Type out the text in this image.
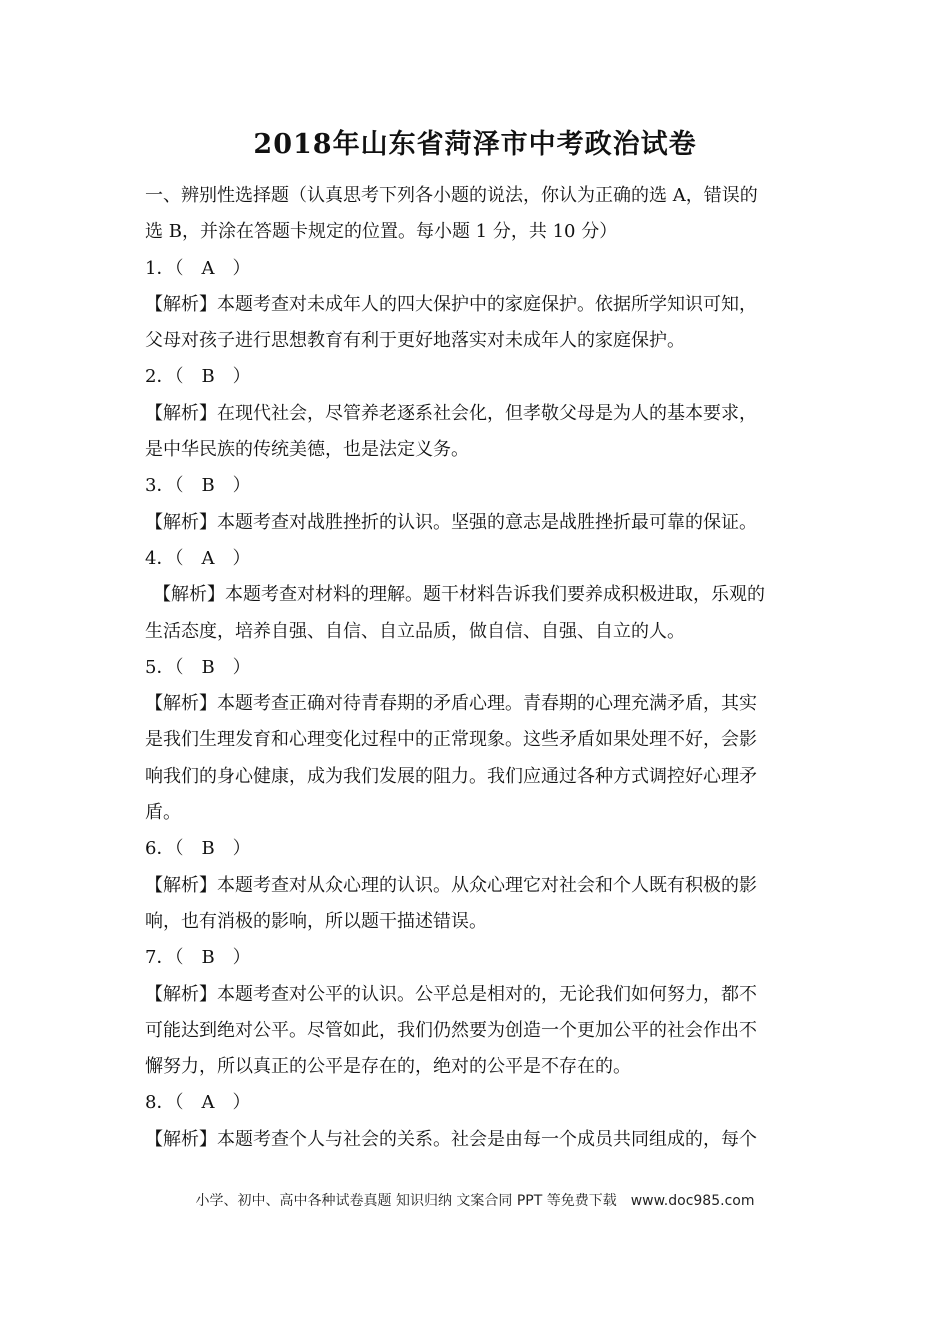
2018年山东省菏泽市中考政治试卷
一、辨别性选择题（认真思考下列各小题的说法，你认为正确的选 A，错误的
选 B，并涂在答题卡规定的位置。每小题 1 分，共 10 分）
1．（　A　）
【解析】本题考查对未成年人的四大保护中的家庭保护。依据所学知识可知，
父母对孩子进行思想教育有利于更好地落实对未成年人的家庭保护。
2．（　B　）
【解析】在现代社会，尽管养老逐系社会化，但孝敬父母是为人的基本要求，
是中华民族的传统美德，也是法定义务。
3．（　B　）
【解析】本题考查对战胜挫折的认识。坚强的意志是战胜挫折最可靠的保证。
4．（　A　）
【解析】本题考查对材料的理解。题干材料告诉我们要养成积极进取，乐观的
生活态度，培养自强、自信、自立品质，做自信、自强、自立的人。
5．（　B　）
【解析】本题考查正确对待青春期的矛盾心理。青春期的心理充满矛盾，其实
是我们生理发育和心理变化过程中的正常现象。这些矛盾如果处理不好，会影
响我们的身心健康，成为我们发展的阻力。我们应通过各种方式调控好心理矛
盾。
6．（　B　）
【解析】本题考查对从众心理的认识。从众心理它对社会和个人既有积极的影
响，也有消极的影响，所以题干描述错误。
7．（　B　）
【解析】本题考查对公平的认识。公平总是相对的，无论我们如何努力，都不
可能达到绝对公平。尽管如此，我们仍然要为创造一个更加公平的社会作出不
懈努力，所以真正的公平是存在的，绝对的公平是不存在的。
8．（　A　）
【解析】本题考查个人与社会的关系。社会是由每一个成员共同组成的，每个
小学、初中、高中各种试卷真题 知识归纳 文案合同 PPT 等免费下载　www.doc985.com
